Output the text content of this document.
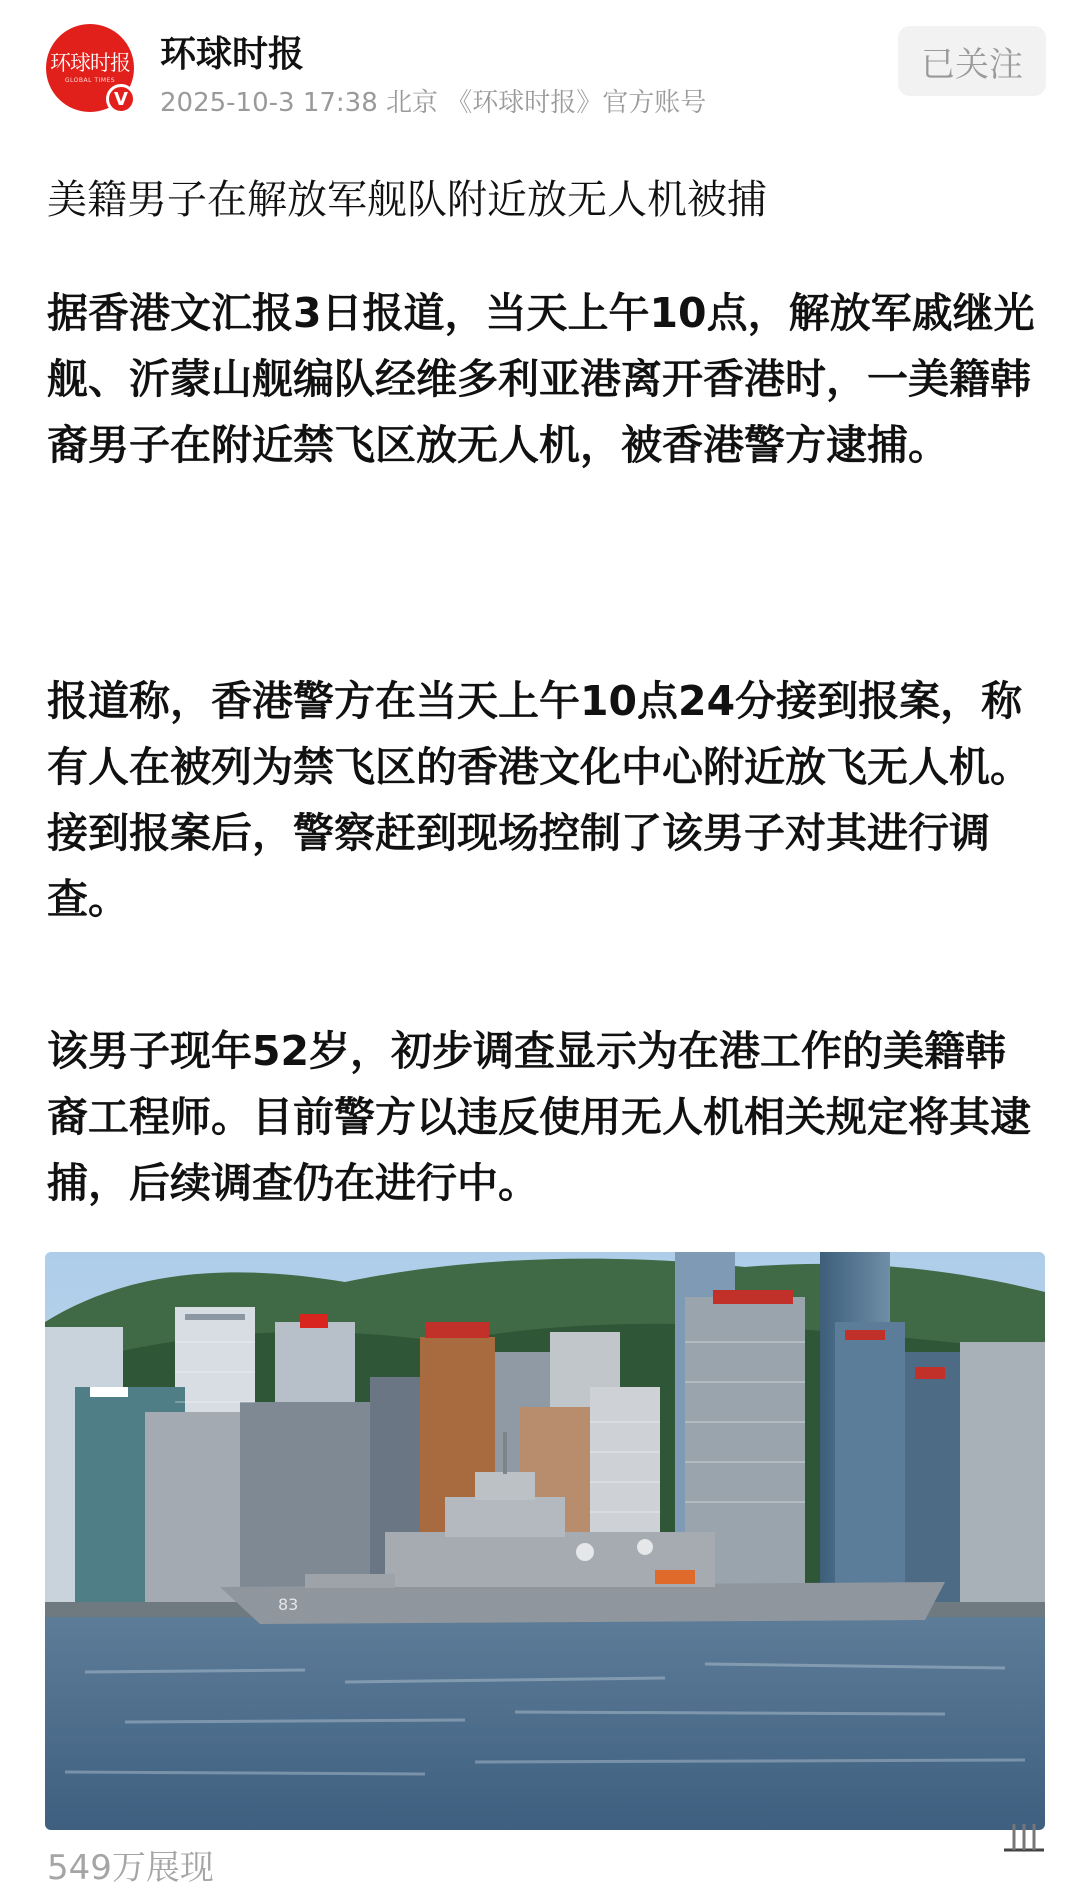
环球时报
GLOBAL TIMES
V
环球时报
2025-10-3 17:38 北京 《环球时报》官方账号
已关注
美籍男子在解放军舰队附近放无人机被捕

据香港文汇报3日报道，当天上午10点，解放军戚继光舰、沂蒙山舰编队经维多利亚港离开香港时，一美籍韩裔男子在附近禁飞区放无人机，被香港警方逮捕。

报道称，香港警方在当天上午10点24分接到报案，称有人在被列为禁飞区的香港文化中心附近放飞无人机。接到报案后，警察赶到现场控制了该男子对其进行调查。

该男子现年52岁，初步调查显示为在港工作的美籍韩裔工程师。目前警方以违反使用无人机相关规定将其逮捕，后续调查仍在进行中。

83
549万展现
